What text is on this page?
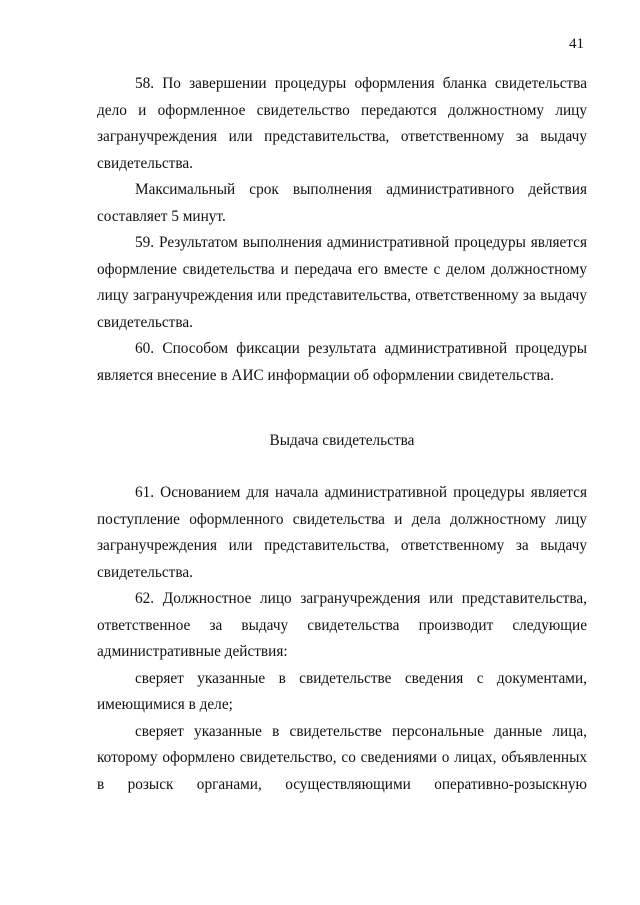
41

58. По завершении процедуры оформления бланка свидетельства дело и оформленное свидетельство передаются должностному лицу загранучреждения или представительства, ответственному за выдачу свидетельства.

Максимальный срок выполнения административного действия составляет 5 минут.

59. Результатом выполнения административной процедуры является оформление свидетельства и передача его вместе с делом должностному лицу загранучреждения или представительства, ответственному за выдачу свидетельства.

60. Способом фиксации результата административной процедуры является внесение в АИС информации об оформлении свидетельства.

Выдача свидетельства

61. Основанием для начала административной процедуры является поступление оформленного свидетельства и дела должностному лицу загранучреждения или представительства, ответственному за выдачу свидетельства.

62. Должностное лицо загранучреждения или представительства, ответственное за выдачу свидетельства производит следующие административные действия:

сверяет указанные в свидетельстве сведения с документами, имеющимися в деле;

сверяет указанные в свидетельстве персональные данные лица, которому оформлено свидетельство, со сведениями о лицах, объявленных в розыск органами, осуществляющими оперативно-розыскную
